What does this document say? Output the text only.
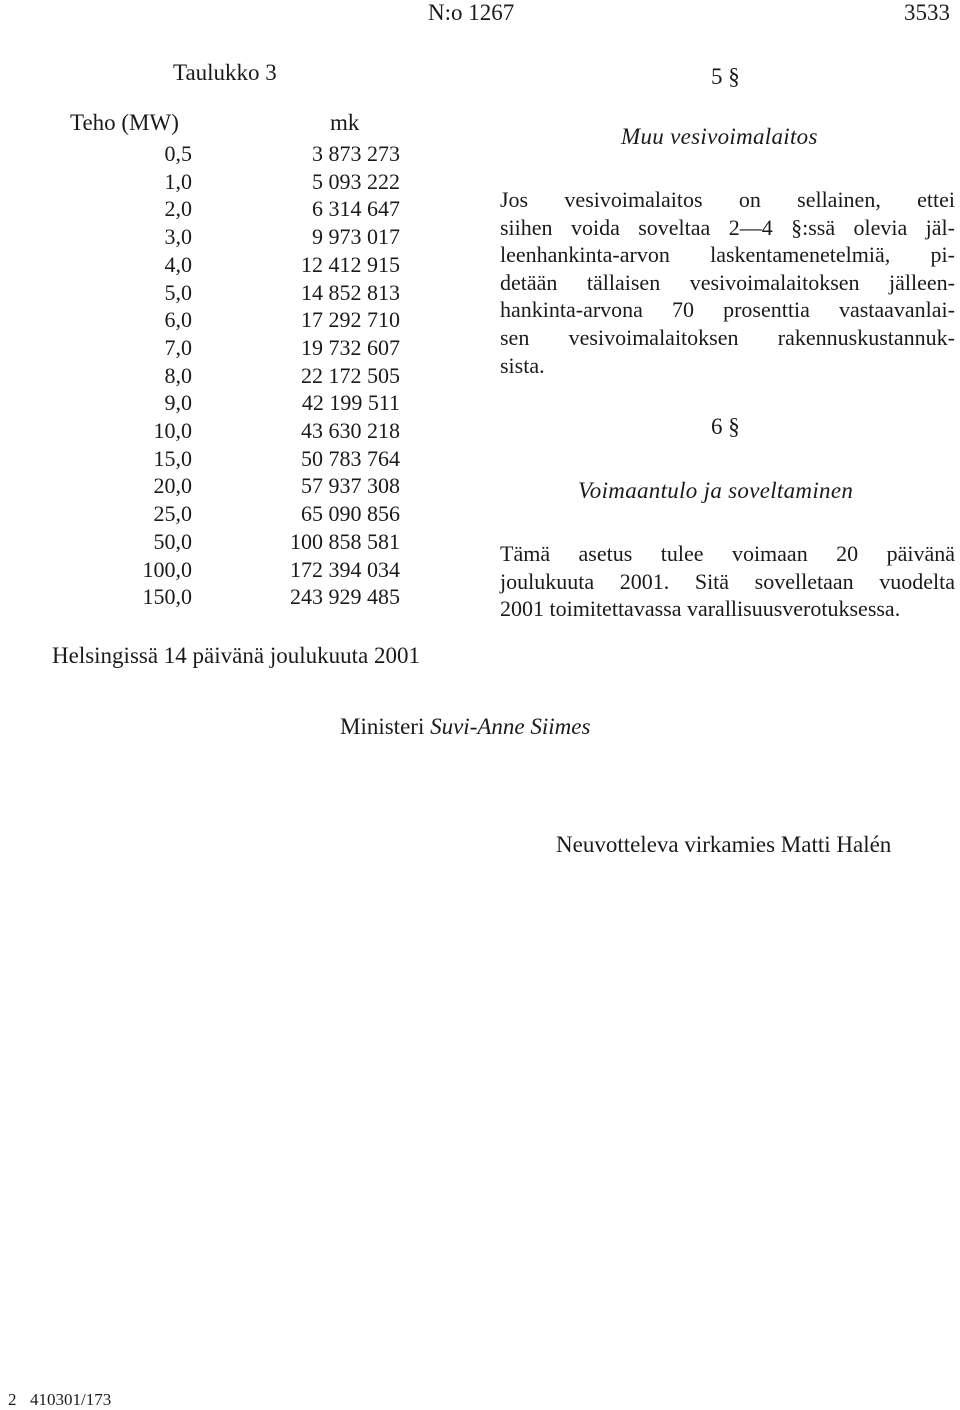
N:o 1267	3533
Taulukko 3
Teho (MW)	mk
0,5	3 873 273
1,0	5 093 222
2,0	6 314 647
3,0	9 973 017
4,0	12 412 915
5,0	14 852 813
6,0	17 292 710
7,0	19 732 607
8,0	22 172 505
9,0	42 199 511
10,0	43 630 218
15,0	50 783 764
20,0	57 937 308
25,0	65 090 856
50,0	100 858 581
100,0	172 394 034
150,0	243 929 485
5 §
Muu vesivoimalaitos
Jos vesivoimalaitos on sellainen, ettei
siihen voida soveltaa 2—4 §:ssä olevia jäl-
leenhankinta-arvon laskentamenetelmiä, pi-
detään tällaisen vesivoimalaitoksen jälleen-
hankinta-arvona 70 prosenttia vastaavanlai-
sen vesivoimalaitoksen rakennuskustannuk-
sista.
6 §
Voimaantulo ja soveltaminen
Tämä asetus tulee voimaan 20 päivänä
joulukuuta 2001. Sitä sovelletaan vuodelta
2001 toimitettavassa varallisuusverotuksessa.
Helsingissä 14 päivänä joulukuuta 2001
Ministeri Suvi-Anne Siimes
Neuvotteleva virkamies Matti Halén
2 410301/173
